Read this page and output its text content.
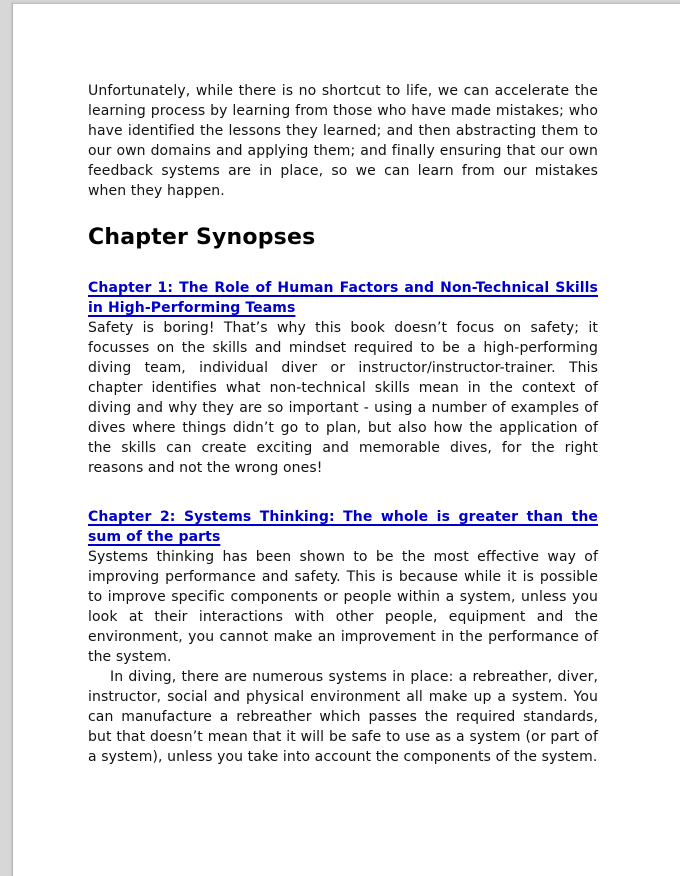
Unfortunately, while there is no shortcut to life, we can accelerate the learning process by learning from those who have made mistakes; who have identified the lessons they learned; and then abstracting them to our own domains and applying them; and finally ensuring that our own feedback systems are in place, so we can learn from our mistakes when they happen.

Chapter Synopses
Chapter 1: The Role of Human Factors and Non-Technical Skills in High-Performing Teams

Safety is boring! That’s why this book doesn’t focus on safety; it focusses on the skills and mindset required to be a high-performing diving team, individual diver or instructor/instructor-trainer. This chapter identifies what non-technical skills mean in the context of diving and why they are so important - using a number of examples of dives where things didn’t go to plan, but also how the application of the skills can create exciting and memorable dives, for the right reasons and not the wrong ones!

Chapter 2: Systems Thinking: The whole is greater than the sum of the parts

Systems thinking has been shown to be the most effective way of improving performance and safety. This is because while it is possible to improve specific components or people within a system, unless you look at their interactions with other people, equipment and the environment, you cannot make an improvement in the performance of the system.

In diving, there are numerous systems in place: a rebreather, diver, instructor, social and physical environment all make up a system. You can manufacture a rebreather which passes the required standards, but that doesn’t mean that it will be safe to use as a system (or part of a system), unless you take into account the components of the system.
